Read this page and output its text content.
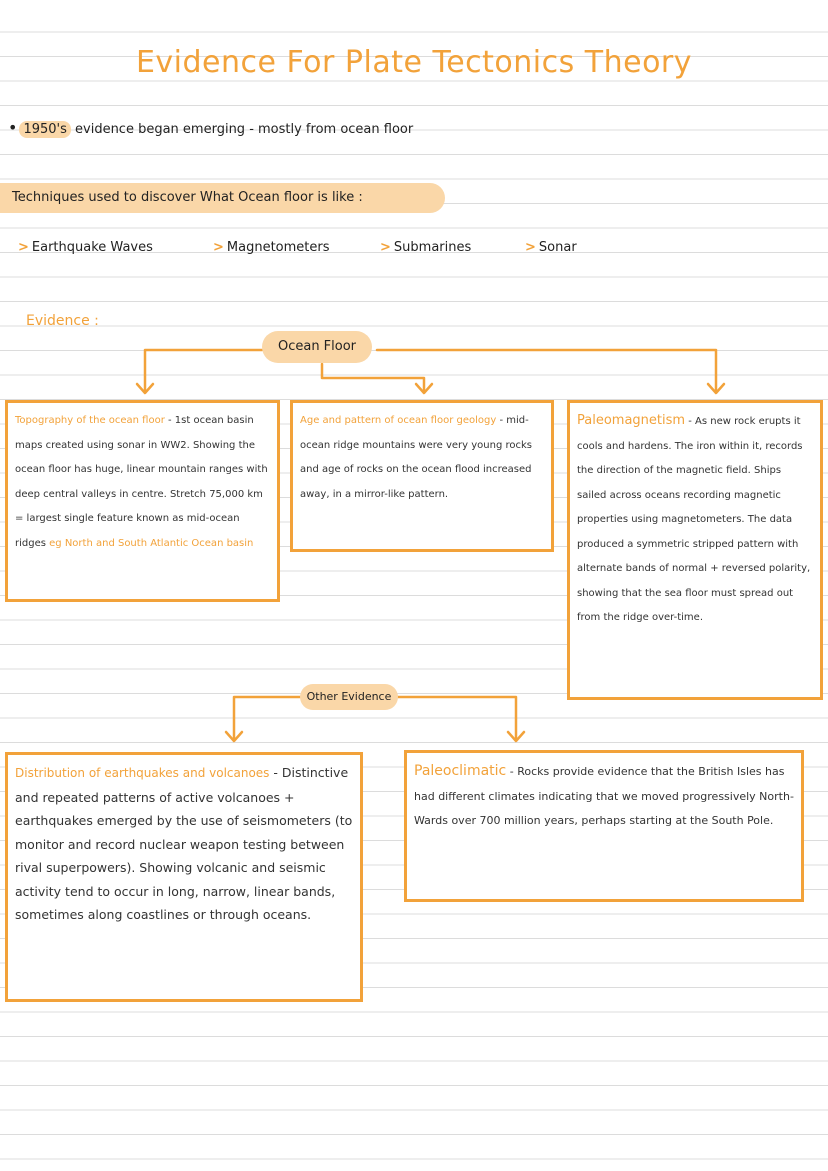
Evidence For Plate Tectonics Theory
• 1950's evidence began emerging - mostly from ocean floor
Techniques used to discover What Ocean floor is like :
> Earthquake Waves	> Magnetometers	> Submarines	> Sonar
Evidence :
Ocean Floor
Topography of the ocean floor - 1st ocean basin maps created using sonar in WW2. Showing the ocean floor has huge, linear mountain ranges with deep central valleys in centre. Stretch 75,000 km = largest single feature known as mid-ocean ridges eg North and South Atlantic Ocean basin
Age and pattern of ocean floor geology - mid-ocean ridge mountains were very young rocks and age of rocks on the ocean flood increased away, in a mirror-like pattern.
Paleomagnetism - As new rock erupts it cools and hardens. The iron within it, records the direction of the magnetic field. Ships sailed across oceans recording magnetic properties using magnetometers. The data produced a symmetric stripped pattern with alternate bands of normal + reversed polarity, showing that the sea floor must spread out from the ridge over-time.
Other Evidence
Distribution of earthquakes and volcanoes - Distinctive and repeated patterns of active volcanoes + earthquakes emerged by the use of seismometers (to monitor and record nuclear weapon testing between rival superpowers). Showing volcanic and seismic activity tend to occur in long, narrow, linear bands, sometimes along coastlines or through oceans.
Paleoclimatic - Rocks provide evidence that the British Isles has had different climates indicating that we moved progressively North-Wards over 700 million years, perhaps starting at the South Pole.
